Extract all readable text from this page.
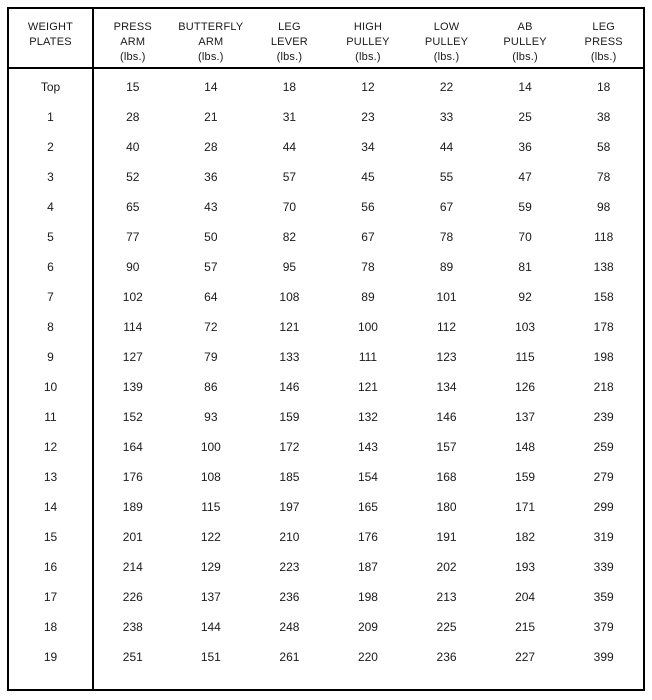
WEIGHT
PLATES	PRESS
ARM
(lbs.)	BUTTERFLY
ARM
(lbs.)	LEG
LEVER
(lbs.)	HIGH
PULLEY
(lbs.)	LOW
PULLEY
(lbs.)	AB
PULLEY
(lbs.)	LEG
PRESS
(lbs.)

Top	15	14	18	12	22	14	18
1	28	21	31	23	33	25	38
2	40	28	44	34	44	36	58
3	52	36	57	45	55	47	78
4	65	43	70	56	67	59	98
5	77	50	82	67	78	70	118
6	90	57	95	78	89	81	138
7	102	64	108	89	101	92	158
8	114	72	121	100	112	103	178
9	127	79	133	111	123	115	198
10	139	86	146	121	134	126	218
11	152	93	159	132	146	137	239
12	164	100	172	143	157	148	259
13	176	108	185	154	168	159	279
14	189	115	197	165	180	171	299
15	201	122	210	176	191	182	319
16	214	129	223	187	202	193	339
17	226	137	236	198	213	204	359
18	238	144	248	209	225	215	379
19	251	151	261	220	236	227	399
